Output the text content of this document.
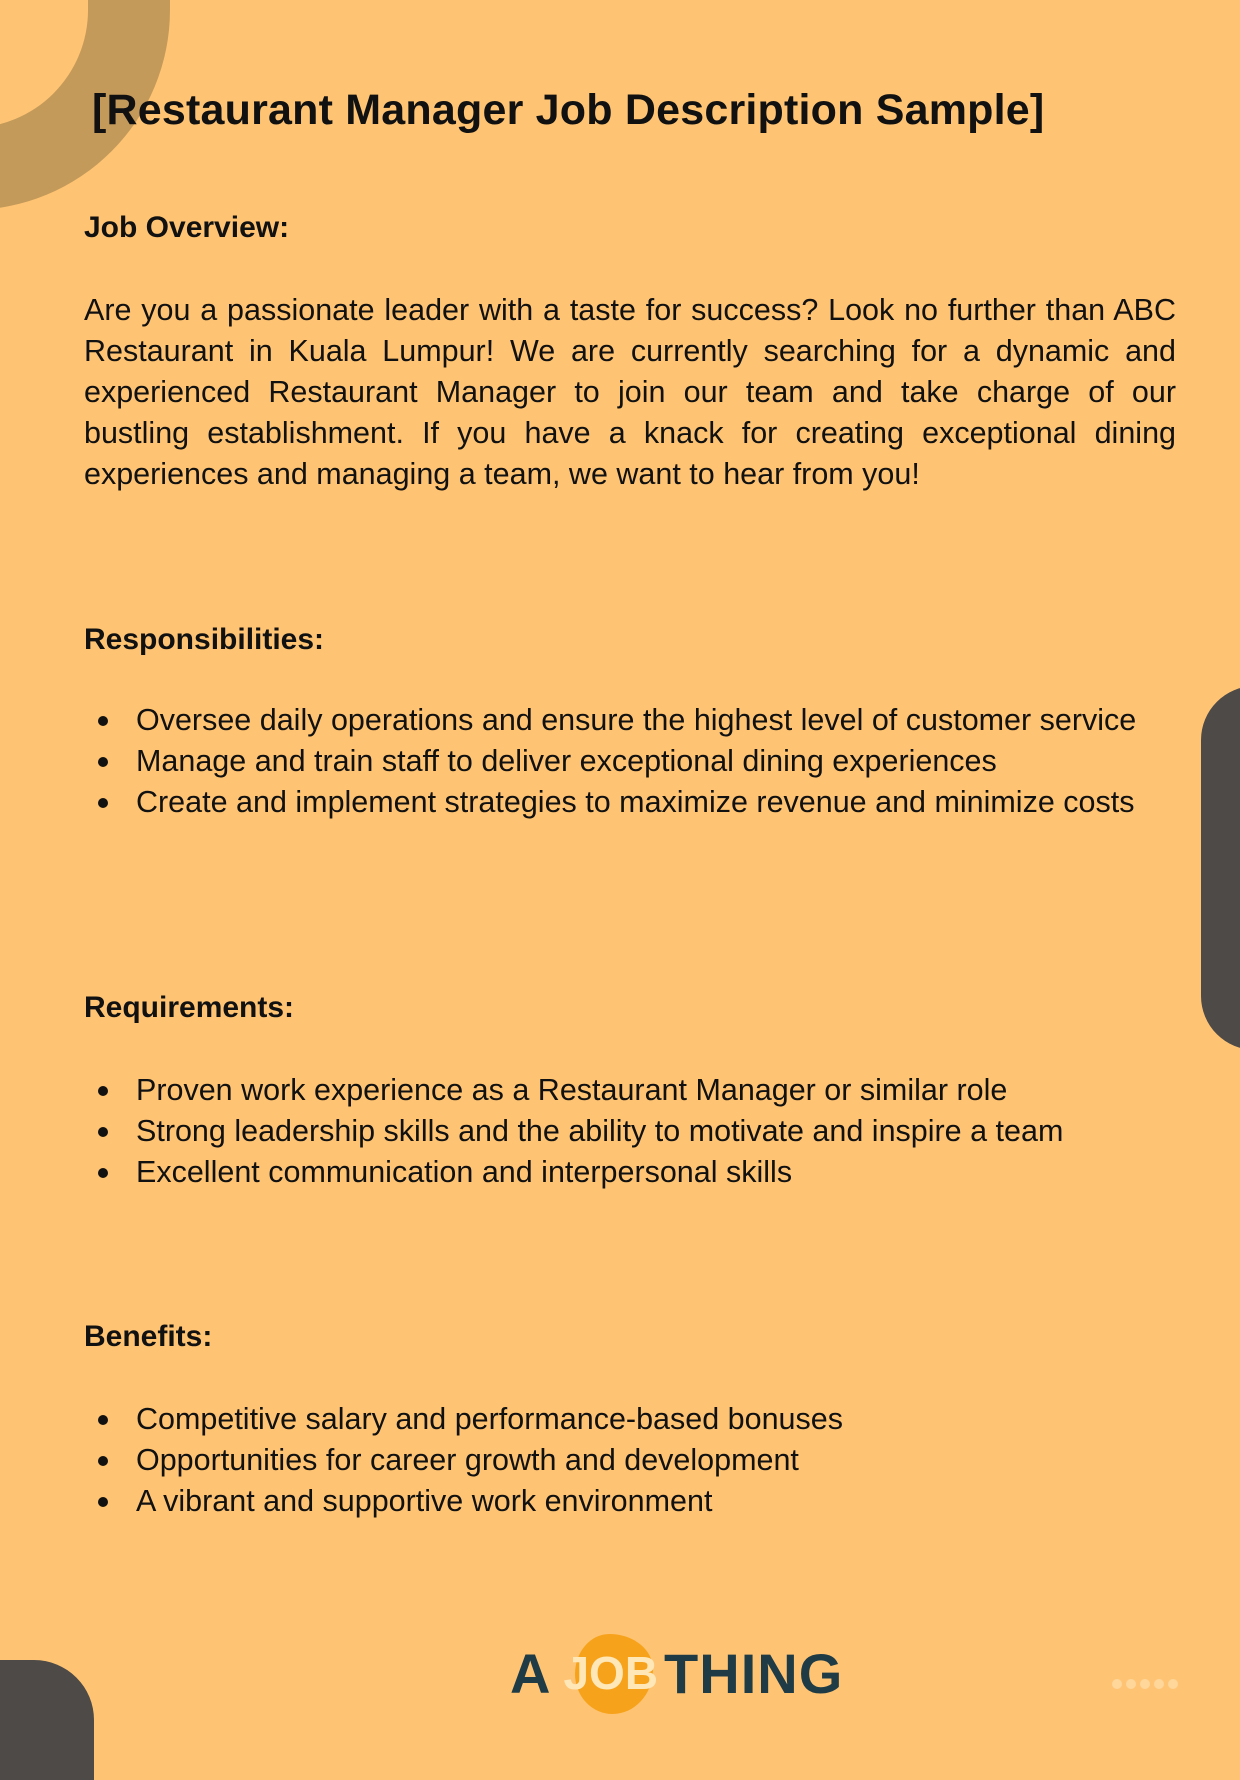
[Restaurant Manager Job Description Sample]
Job Overview:

Are you a passionate leader with a taste for success? Look no further than ABC Restaurant in Kuala Lumpur! We are currently searching for a dynamic and experienced Restaurant Manager to join our team and take charge of our bustling establishment. If you have a knack for creating exceptional dining experiences and managing a team, we want to hear from you!

Responsibilities:
Oversee daily operations and ensure the highest level of customer service
Manage and train staff to deliver exceptional dining experiences
Create and implement strategies to maximize revenue and minimize costs
Requirements:
Proven work experience as a Restaurant Manager or similar role
Strong leadership skills and the ability to motivate and inspire a team
Excellent communication and interpersonal skills
Benefits:
Competitive salary and performance-based bonuses
Opportunities for career growth and development
A vibrant and supportive work environment
A JOB THING
